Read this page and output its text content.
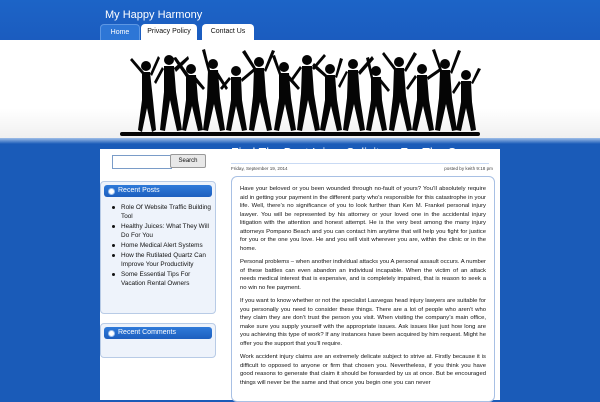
My Happy Harmony
Home	Privacy Policy	Contact Us
Search
Recent Posts
Role Of Website Traffic Building Tool
Healthy Juices: What They Will Do For You
Home Medical Alert Systems
How the Rutilated Quartz Can Improve Your Productivity
Some Essential Tips For Vacation Rental Owners
Recent Comments
Find The Best Injury Solicitors For The Case
Friday, September 19, 2014	posted by keith 9:18 pm

Have your beloved or you been wounded through no-fault of yours? You’ll absolutely require aid in getting your payment in the different party who’s responsible for this catastrophe in your life. Well, there’s no significance of you to look further than Ken M. Frankel personal injury lawyer. You will be represented by his attorney or your loved one in the accidental injury litigation with the attention and honest attempt. He is the very best among the many injury attorneys Pompano Beach and you can contact him anytime that will help you fight for justice for you or the one you love. He and you will visit wherever you are, within the clinic or in the home.

Personal problems – when another individual attacks you A personal assault occurs. A number of these battles can even abandon an individual incapable. When the victim of an attack needs medical interest that is expensive, and is completely impaired, that is reason to seek a no win no fee payment.

If you want to know whether or not the specialist Lasvegas head injury lawyers are suitable for you personally you need to consider these things. There are a lot of people who aren’t who they claim they are don’t trust the person you visit. When visiting the company’s main office, make sure you supply yourself with the appropriate issues. Ask issues like just how long are you achieving this type of work? If any instances have been acquired by him request. Might he offer you the support that you’ll require.

Work accident injury claims are an extremely delicate subject to strive at. Firstly because it is difficult to opposed to anyone or firm that chosen you. Nevertheless, if you think you have good reasons to generate that claim it should be forwarded by us at once. But be encouraged things will never be the same and that once you begin one you can never
